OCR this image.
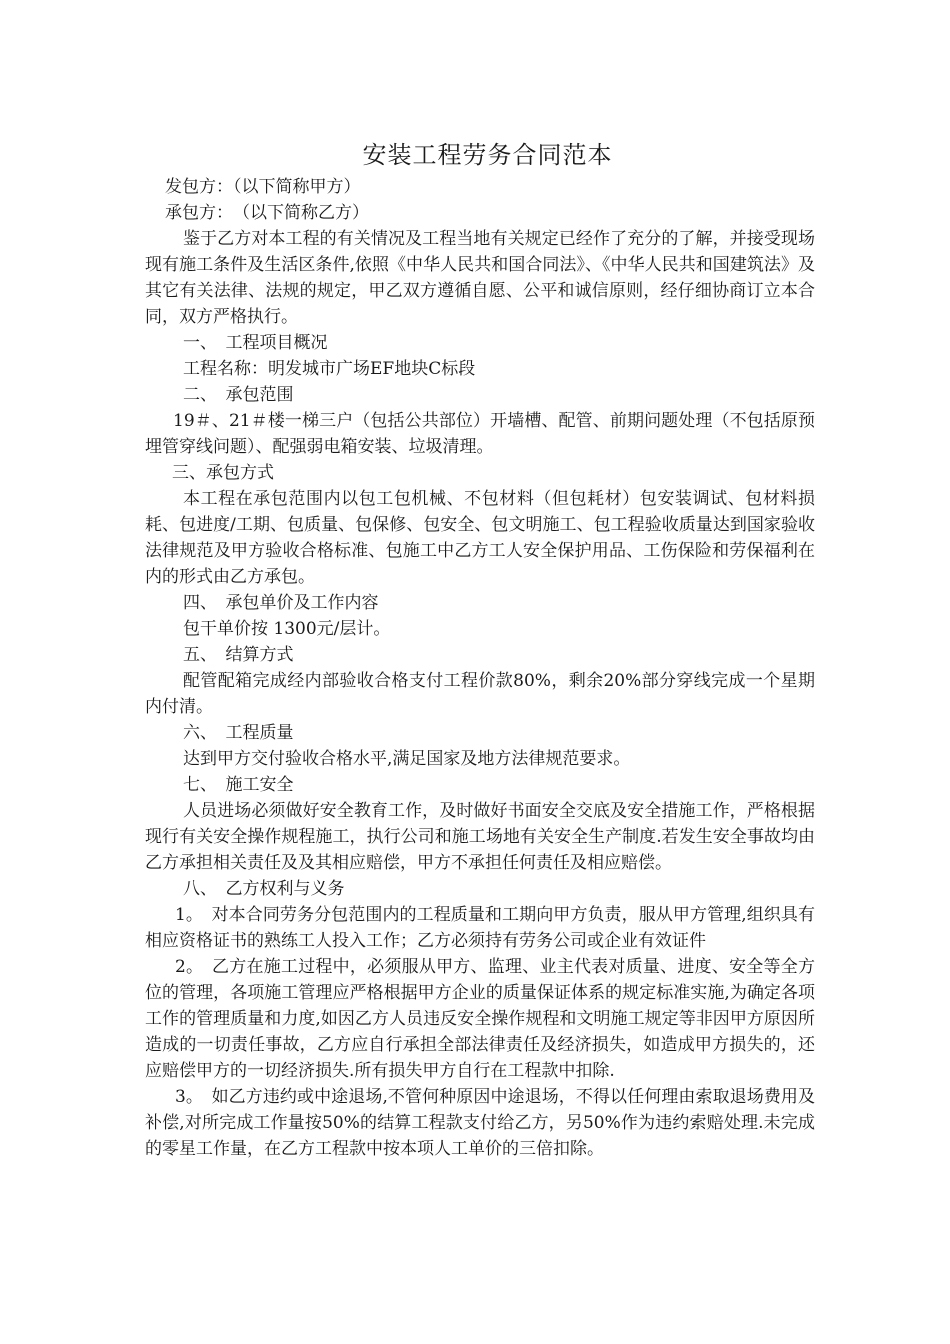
安装工程劳务合同范本

发包方：（以下简称甲方）

承包方：　（以下简称乙方）

鉴于乙方对本工程的有关情况及工程当地有关规定已经作了充分的了解，并接受现场现有施工条件及生活区条件,依照《中华人民共和国合同法》、《中华人民共和国建筑法》及其它有关法律、法规的规定，甲乙双方遵循自愿、公平和诚信原则，经仔细协商订立本合同，双方严格执行。

一、　工程项目概况

工程名称：明发城市广场EF地块C标段

二、　承包范围

19＃、21＃楼一梯三户（包括公共部位）开墙槽、配管、前期问题处理（不包括原预埋管穿线问题）、配强弱电箱安装、垃圾清理。

三、承包方式

本工程在承包范围内以包工包机械、不包材料（但包耗材）包安装调试、包材料损耗、包进度/工期、包质量、包保修、包安全、包文明施工、包工程验收质量达到国家验收法律规范及甲方验收合格标准、包施工中乙方工人安全保护用品、工伤保险和劳保福利在内的形式由乙方承包。

四、　承包单价及工作内容

包干单价按 1300元/层计。

五、　结算方式

配管配箱完成经内部验收合格支付工程价款80%，剩余20%部分穿线完成一个星期内付清。

六、　工程质量

达到甲方交付验收合格水平,满足国家及地方法律规范要求。

七、　施工安全

人员进场必须做好安全教育工作，及时做好书面安全交底及安全措施工作，严格根据现行有关安全操作规程施工，执行公司和施工场地有关安全生产制度.若发生安全事故均由乙方承担相关责任及及其相应赔偿，甲方不承担任何责任及相应赔偿。

八、　乙方权利与义务

1。　对本合同劳务分包范围内的工程质量和工期向甲方负责，服从甲方管理,组织具有相应资格证书的熟练工人投入工作；乙方必须持有劳务公司或企业有效证件

2。　乙方在施工过程中，必须服从甲方、监理、业主代表对质量、进度、安全等全方位的管理，各项施工管理应严格根据甲方企业的质量保证体系的规定标准实施,为确定各项工作的管理质量和力度,如因乙方人员违反安全操作规程和文明施工规定等非因甲方原因所造成的一切责任事故，乙方应自行承担全部法律责任及经济损失，如造成甲方损失的，还应赔偿甲方的一切经济损失.所有损失甲方自行在工程款中扣除.

3。　如乙方违约或中途退场,不管何种原因中途退场，不得以任何理由索取退场费用及补偿,对所完成工作量按50%的结算工程款支付给乙方，另50%作为违约索赔处理.未完成的零星工作量，在乙方工程款中按本项人工单价的三倍扣除。
